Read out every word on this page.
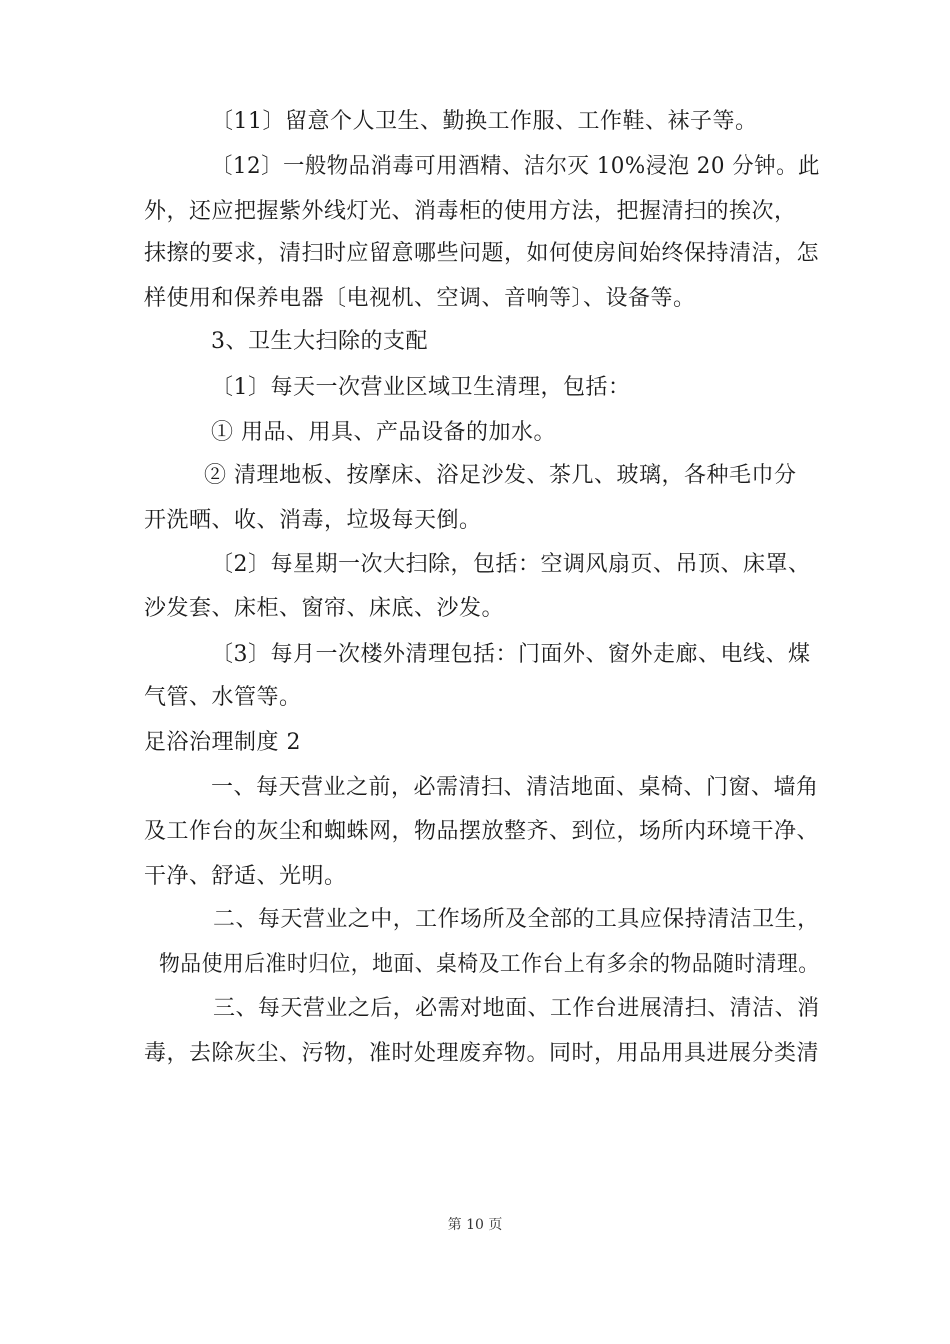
〔11〕留意个人卫生、勤换工作服、工作鞋、袜子等。
〔12〕一般物品消毒可用酒精、洁尔灭 10%浸泡 20 分钟。此
外，还应把握紫外线灯光、消毒柜的使用方法，把握清扫的挨次，
抹擦的要求，清扫时应留意哪些问题，如何使房间始终保持清洁，怎
样使用和保养电器〔电视机、空调、音响等〕、设备等。
3、卫生大扫除的支配
〔1〕每天一次营业区域卫生清理，包括：
① 用品、用具、产品设备的加水。
② 清理地板、按摩床、浴足沙发、茶几、玻璃，各种毛巾分
开洗晒、收、消毒，垃圾每天倒。
〔2〕每星期一次大扫除，包括：空调风扇页、吊顶、床罩、
沙发套、床柜、窗帘、床底、沙发。
〔3〕每月一次楼外清理包括：门面外、窗外走廊、电线、煤
气管、水管等。
足浴治理制度 2
一、每天营业之前，必需清扫、清洁地面、桌椅、门窗、墙角
及工作台的灰尘和蜘蛛网，物品摆放整齐、到位，场所内环境干净、
干净、舒适、光明。
二、每天营业之中，工作场所及全部的工具应保持清洁卫生，
物品使用后准时归位，地面、桌椅及工作台上有多余的物品随时清理。
三、每天营业之后，必需对地面、工作台进展清扫、清洁、消
毒，去除灰尘、污物，准时处理废弃物。同时，用品用具进展分类清
第 10 页
